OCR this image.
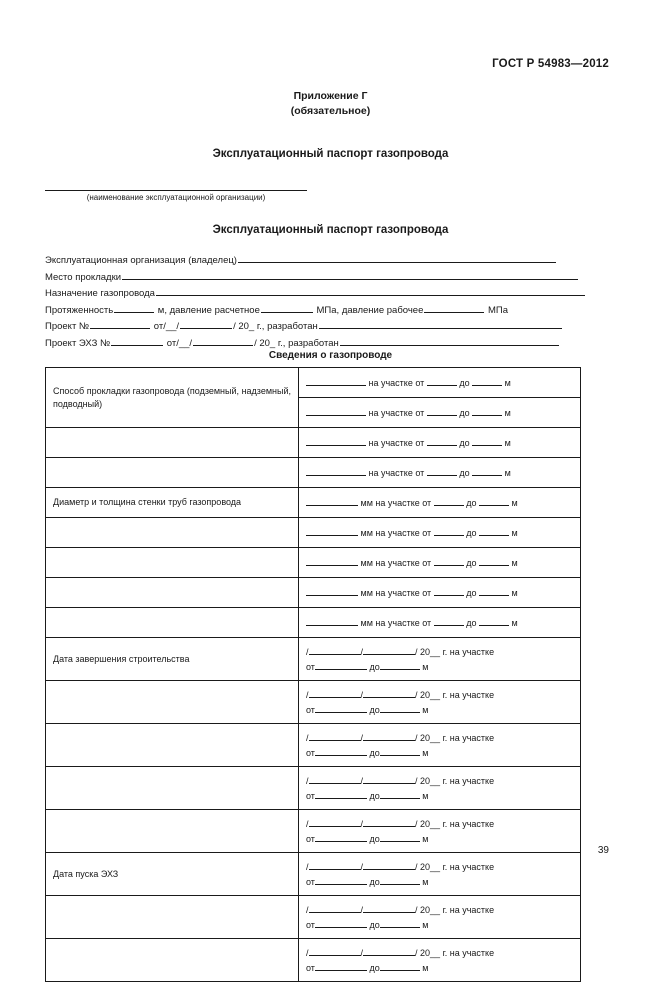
ГОСТ Р 54983—2012
Приложение Г
(обязательное)
Эксплуатационный паспорт газопровода
(наименование эксплуатационной организации)
Эксплуатационный паспорт газопровода
Эксплуатационная организация (владелец)
Место прокладки
Назначение газопровода
Протяженность	м, давление расчетное	МПа, давление рабочее	МПа
Проект №	от/__/	/ 20_ г., разработан
Проект ЭХЗ №	от/__/	/ 20_ г., разработан
Сведения о газопроводе
Способ прокладки газопровода (подземный, надземный, подводный)	на участке от до м
	на участке от до м
	на участке от до м
	на участке от до м
Диаметр и толщина стенки труб газопровода	мм на участке от до м
	мм на участке от до м
	мм на участке от до м
	мм на участке от до м
	мм на участке от до м
Дата завершения строительства	/ / / 20__ г. на участке
от до м

	/ / / 20__ г. на участке
от до м

	/ / / 20__ г. на участке
от до м

	/ / / 20__ г. на участке
от до м

	/ / / 20__ г. на участке
от до м

Дата пуска ЭХЗ	/ / / 20__ г. на участке
от до м

	/ / / 20__ г. на участке
от до м

	/ / / 20__ г. на участке
от до м
39
